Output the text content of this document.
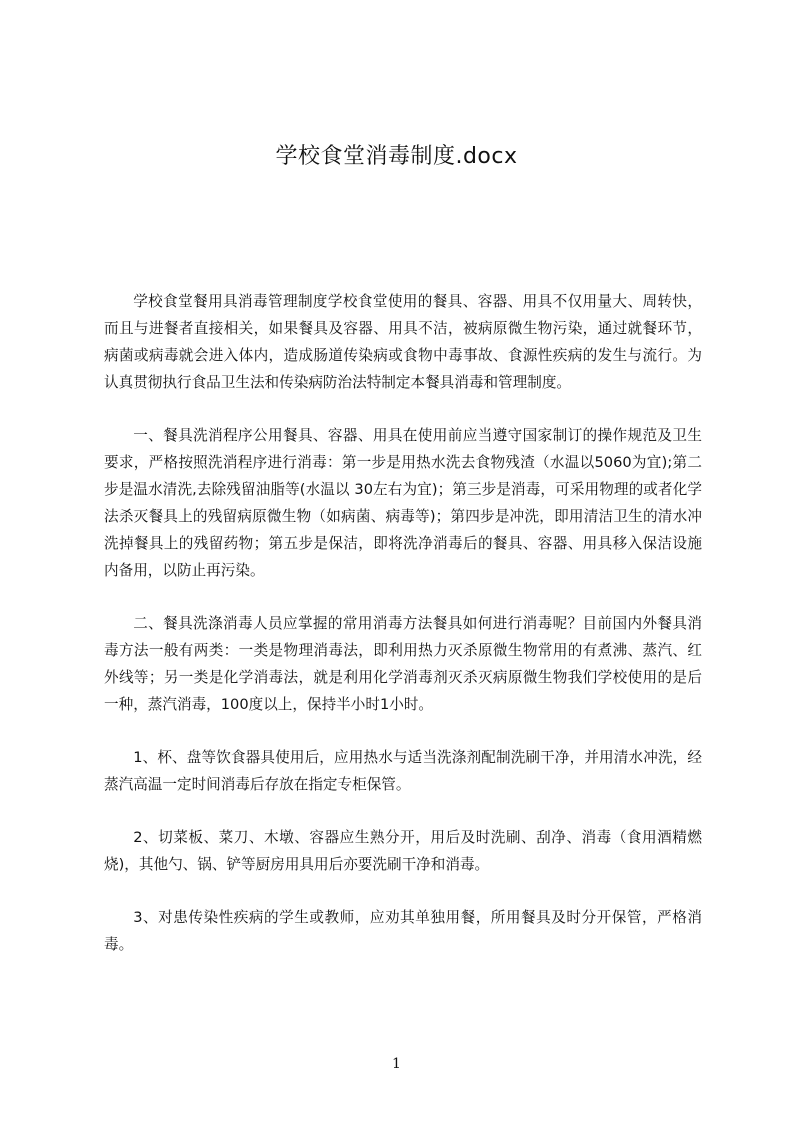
学校食堂消毒制度.docx

学校食堂餐用具消毒管理制度学校食堂使用的餐具、容器、用具不仅用量大、周转快，而且与进餐者直接相关，如果餐具及容器、用具不洁，被病原微生物污染，通过就餐环节，病菌或病毒就会进入体内，造成肠道传染病或食物中毒事故、食源性疾病的发生与流行。为认真贯彻执行食品卫生法和传染病防治法特制定本餐具消毒和管理制度。

一、餐具洗消程序公用餐具、容器、用具在使用前应当遵守国家制订的操作规范及卫生要求，严格按照洗消程序进行消毒：第一步是用热水洗去食物残渣（水温以5060为宜);第二步是温水清洗,去除残留油脂等(水温以 30左右为宜)；第三步是消毒，可采用物理的或者化学法杀灭餐具上的残留病原微生物（如病菌、病毒等)；第四步是冲洗，即用清洁卫生的清水冲洗掉餐具上的残留药物；第五步是保洁，即将洗净消毒后的餐具、容器、用具移入保洁设施内备用，以防止再污染。

二、餐具洗涤消毒人员应掌握的常用消毒方法餐具如何进行消毒呢？目前国内外餐具消毒方法一般有两类：一类是物理消毒法，即利用热力灭杀原微生物常用的有煮沸、蒸汽、红外线等；另一类是化学消毒法，就是利用化学消毒剂灭杀灭病原微生物我们学校使用的是后一种，蒸汽消毒，100度以上，保持半小时1小时。

1、杯、盘等饮食器具使用后，应用热水与适当洗涤剂配制洗刷干净，并用清水冲洗，经蒸汽高温一定时间消毒后存放在指定专柜保管。

2、切菜板、菜刀、木墩、容器应生熟分开，用后及时洗刷、刮净、消毒（食用酒精燃烧)，其他勺、锅、铲等厨房用具用后亦要洗刷干净和消毒。

3、对患传染性疾病的学生或教师，应劝其单独用餐，所用餐具及时分开保管，严格消毒。

1
